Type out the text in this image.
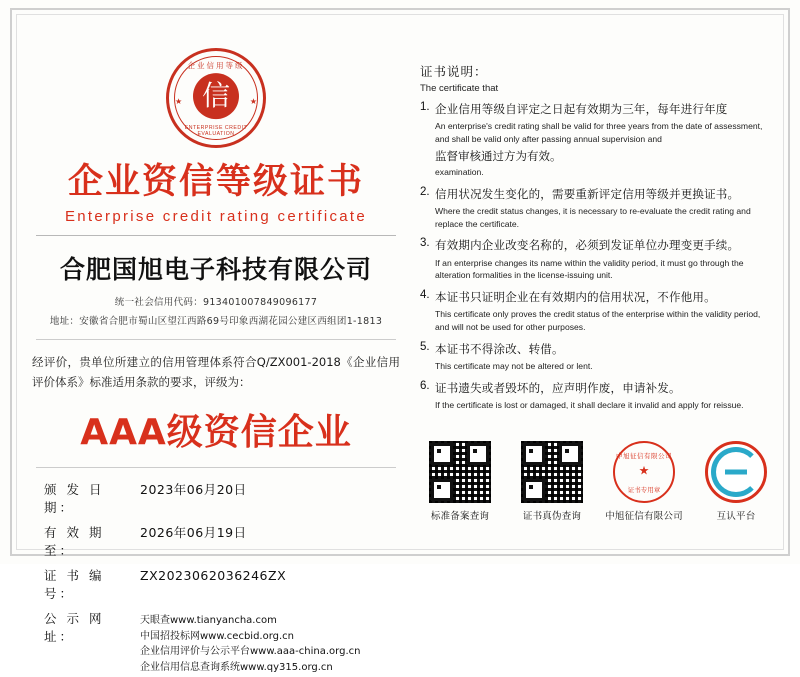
企业信用等级
★	★
信
ENTERPRISE CREDIT EVALUATION
企业资信等级证书
Enterprise credit rating certificate
合肥国旭电子科技有限公司
统一社会信用代码：913401007849096177
地址：安徽省合肥市蜀山区望江西路69号印象西湖花园公建区西组团1-1813
经评价，贵单位所建立的信用管理体系符合Q/ZX001-2018《企业信用评价体系》标准适用条款的要求，评级为：
AAA级资信企业
颁 发 日 期：
2023年06月20日
有 效 期 至：
2026年06月19日
证 书 编 号：
ZX2023062036246ZX
公 示 网 址：
天眼查www.tianyancha.com
中国招投标网www.cecbid.org.cn
企业信用评价与公示平台www.aaa-china.org.cn
企业信用信息查询系统www.qy315.org.cn
证书说明：
The certificate that
1. 企业信用等级自评定之日起有效期为三年，每年进行年度
An enterprise's credit rating shall be valid for three years from the date of assessment, and shall be valid only after passing annual supervision and
监督审核通过方为有效。
examination.
2. 信用状况发生变化的，需要重新评定信用等级并更换证书。
Where the credit status changes, it is necessary to re-evaluate the credit rating and replace the certificate.
3. 有效期内企业改变名称的，必须到发证单位办理变更手续。
If an enterprise changes its name within the validity period, it must go through the alteration formalities in the license-issuing unit.
4. 本证书只证明企业在有效期内的信用状况，不作他用。
This certificate only proves the credit status of the enterprise within the validity period, and will not be used for other purposes.
5. 本证书不得涂改、转借。
This certificate may not be altered or lent.
6. 证书遗失或者毁坏的，应声明作废，申请补发。
If the certificate is lost or damaged, it shall declare it invalid and apply for reissue.
标准备案查询	证书真伪查询
中旭征信有限公司
★
证书专用章
中旭征信有限公司	互认平台
